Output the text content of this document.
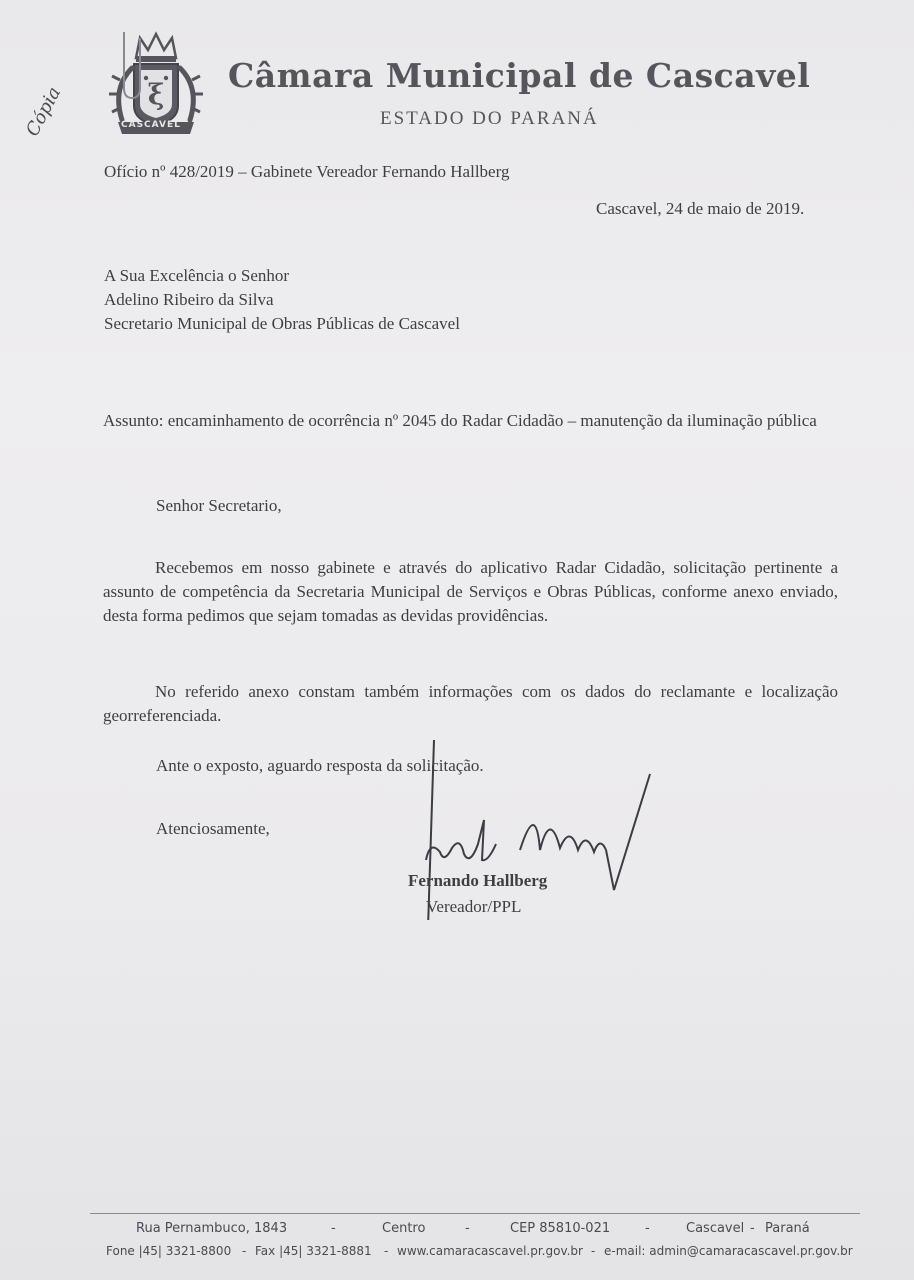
Cópia	ξ
CASCAVEL
Câmara Municipal de Cascavel
ESTADO DO PARANÁ
Ofício nº 428/2019 – Gabinete Vereador Fernando Hallberg
Cascavel, 24 de maio de 2019.
A Sua Excelência o Senhor
Adelino Ribeiro da Silva
Secretario Municipal de Obras Públicas de Cascavel
Assunto: encaminhamento de ocorrência nº 2045 do Radar Cidadão – manutenção da iluminação pública
Senhor Secretario,
Recebemos em nosso gabinete e através do aplicativo Radar Cidadão, solicitação pertinente a assunto de competência da Secretaria Municipal de Serviços e Obras Públicas, conforme anexo enviado, desta forma pedimos que sejam tomadas as devidas providências.
No referido anexo constam também informações com os dados do reclamante e localização georreferenciada.
Ante o exposto, aguardo resposta da solicitação.
Atenciosamente,
Fernando Hallberg
Vereador/PPL
Rua Pernambuco, 1843	-	Centro	-	CEP 85810-021	-	Cascavel - Paraná
Fone |45| 3321-8800 - Fax |45| 3321-8881 - www.camaracascavel.pr.gov.br - e-mail: admin@camaracascavel.pr.gov.br
